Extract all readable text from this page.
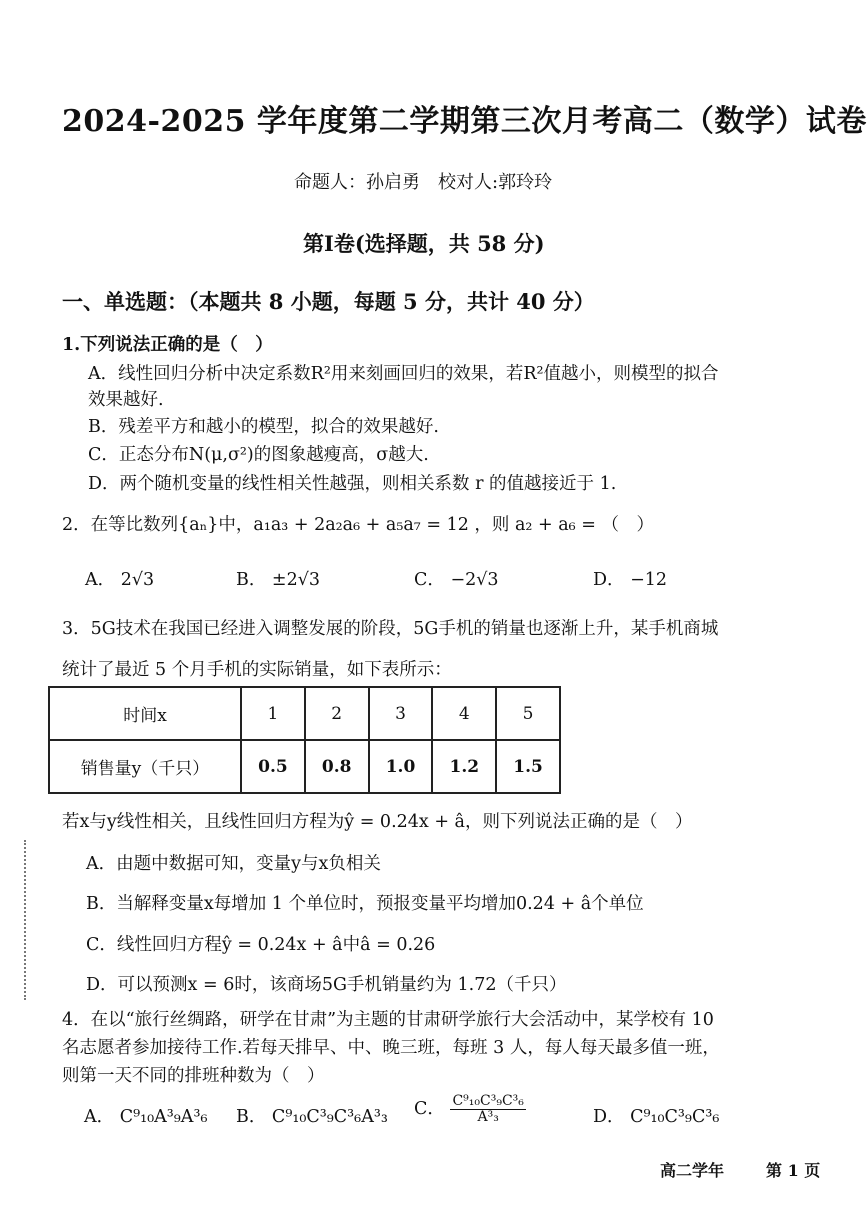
2024-2025 学年度第二学期第三次月考高二（数学）试卷
命题人：孙启勇　校对人:郭玲玲
第Ⅰ卷(选择题，共 58 分)
一、单选题：（本题共 8 小题，每题 5 分，共计 40 分）
1.下列说法正确的是（　）
A．线性回归分析中决定系数R²用来刻画回归的效果，若R²值越小，则模型的拟合
效果越好.
B．残差平方和越小的模型，拟合的效果越好.
C．正态分布N(μ,σ²)的图象越瘦高，σ越大.
D．两个随机变量的线性相关性越强，则相关系数 r 的值越接近于 1.
2．在等比数列{aₙ}中，a₁a₃ + 2a₂a₆ + a₅a₇ = 12 ，则 a₂ + a₆ = （　）
A． 2√3	B． ±2√3	C． −2√3	D． −12
3．5G技术在我国已经进入调整发展的阶段，5G手机的销量也逐渐上升，某手机商城
统计了最近 5 个月手机的实际销量，如下表所示：
时间x	1	2	3	4	5
销售量y（千只）	0.5	0.8	1.0	1.2	1.5
若x与y线性相关，且线性回归方程为ŷ = 0.24x + â，则下列说法正确的是（　）
A．由题中数据可知，变量y与x负相关
B．当解释变量x每增加 1 个单位时，预报变量平均增加0.24 + â个单位
C．线性回归方程ŷ = 0.24x + â中â = 0.26
D．可以预测x = 6时，该商场5G手机销量约为 1.72（千只）
4．在以“旅行丝绸路，研学在甘肃”为主题的甘肃研学旅行大会活动中，某学校有 10
名志愿者参加接待工作.若每天排早、中、晚三班，每班 3 人，每人每天最多值一班，
则第一天不同的排班种数为（　）
A． C⁹₁₀A³₉A³₆ B． C⁹₁₀C³₉C³₆A³₃ C． $\frac{\text{C⁹₁₀C³₉C³₆}}{\text{A³₃}}$	D． C⁹₁₀C³₉C³₆
高二学年	第 1 页
